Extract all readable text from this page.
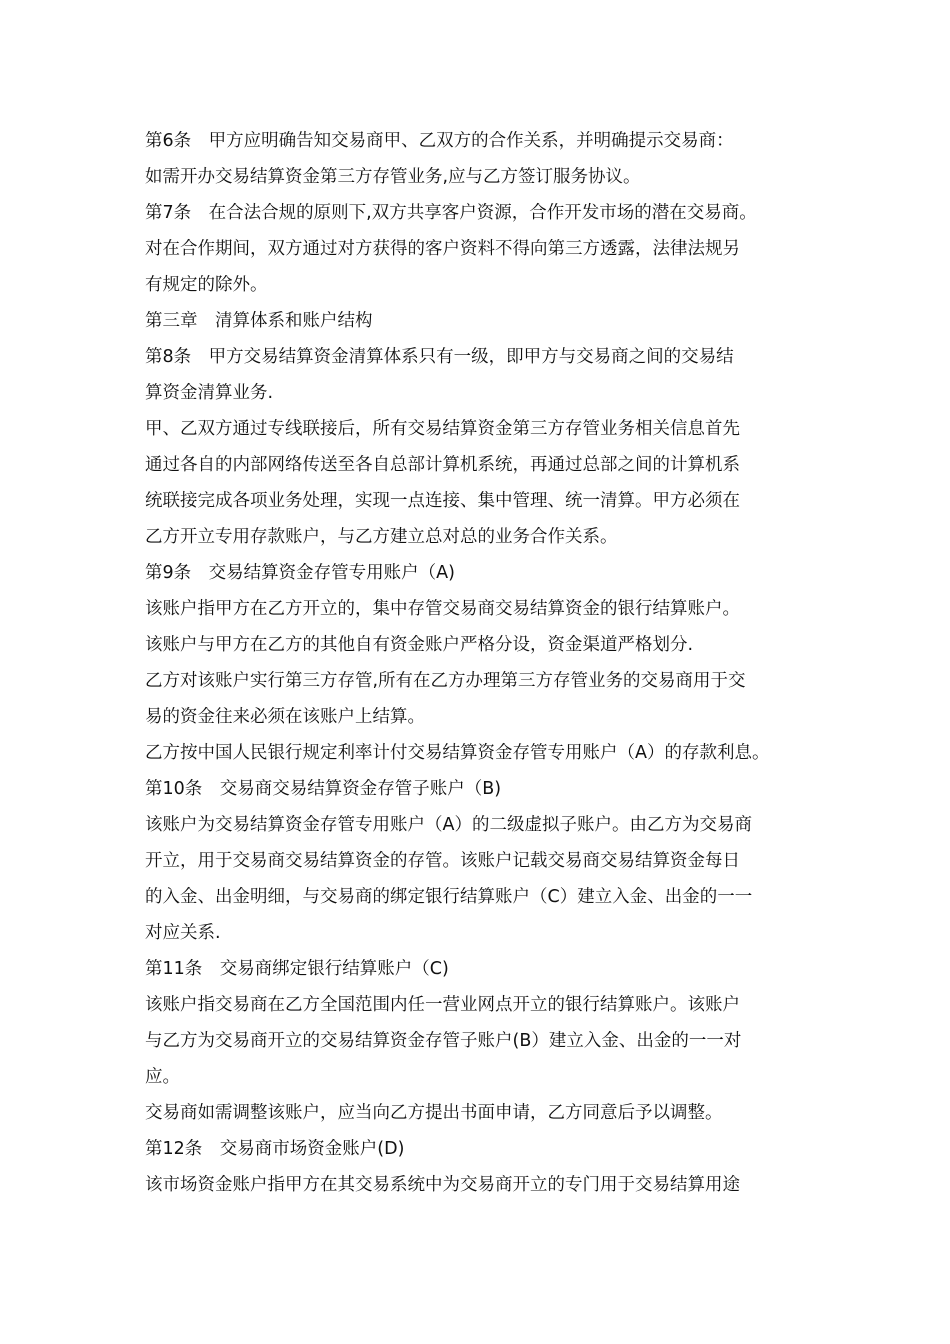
第6条　甲方应明确告知交易商甲、乙双方的合作关系，并明确提示交易商：
如需开办交易结算资金第三方存管业务,应与乙方签订服务协议。
第7条　在合法合规的原则下,双方共享客户资源，合作开发市场的潜在交易商。
对在合作期间，双方通过对方获得的客户资料不得向第三方透露，法律法规另
有规定的除外。
第三章　清算体系和账户结构
第8条　甲方交易结算资金清算体系只有一级，即甲方与交易商之间的交易结
算资金清算业务.
甲、乙双方通过专线联接后，所有交易结算资金第三方存管业务相关信息首先
通过各自的内部网络传送至各自总部计算机系统，再通过总部之间的计算机系
统联接完成各项业务处理，实现一点连接、集中管理、统一清算。甲方必须在
乙方开立专用存款账户，与乙方建立总对总的业务合作关系。
第9条　交易结算资金存管专用账户（A)
该账户指甲方在乙方开立的，集中存管交易商交易结算资金的银行结算账户。
该账户与甲方在乙方的其他自有资金账户严格分设，资金渠道严格划分.
乙方对该账户实行第三方存管,所有在乙方办理第三方存管业务的交易商用于交
易的资金往来必须在该账户上结算。
乙方按中国人民银行规定利率计付交易结算资金存管专用账户（A）的存款利息。
第10条　交易商交易结算资金存管子账户（B)
该账户为交易结算资金存管专用账户（A）的二级虚拟子账户。由乙方为交易商
开立，用于交易商交易结算资金的存管。该账户记载交易商交易结算资金每日
的入金、出金明细，与交易商的绑定银行结算账户（C）建立入金、出金的一一
对应关系.
第11条　交易商绑定银行结算账户（C)
该账户指交易商在乙方全国范围内任一营业网点开立的银行结算账户。该账户
与乙方为交易商开立的交易结算资金存管子账户(B）建立入金、出金的一一对
应。
交易商如需调整该账户，应当向乙方提出书面申请，乙方同意后予以调整。
第12条　交易商市场资金账户(D)
该市场资金账户指甲方在其交易系统中为交易商开立的专门用于交易结算用途
